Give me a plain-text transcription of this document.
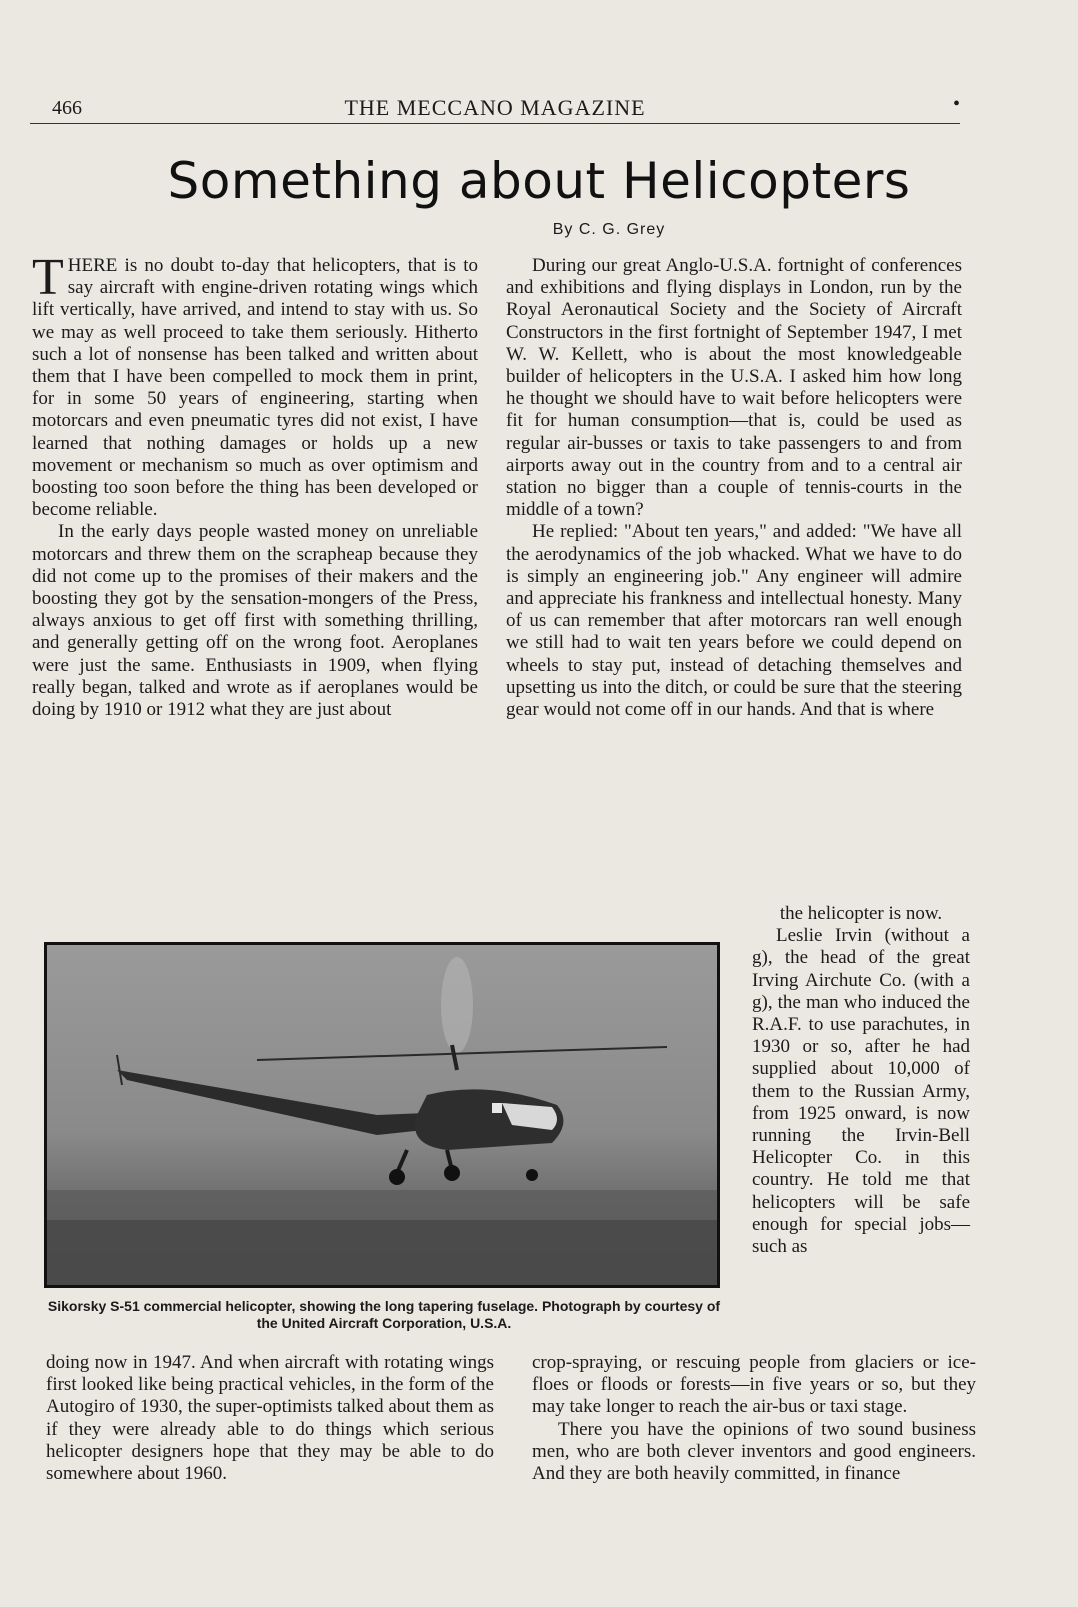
466	THE MECCANO MAGAZINE	•
Something about Helicopters
By C. G. Grey

THERE is no doubt to-day that helicopters, that is to say aircraft with engine-driven rotating wings which lift vertically, have arrived, and intend to stay with us. So we may as well proceed to take them seriously. Hitherto such a lot of nonsense has been talked and written about them that I have been compelled to mock them in print, for in some 50 years of engineering, starting when motorcars and even pneumatic tyres did not exist, I have learned that nothing damages or holds up a new movement or mechanism so much as over optimism and boosting too soon before the thing has been developed or become reliable.

In the early days people wasted money on unreliable motorcars and threw them on the scrapheap because they did not come up to the promises of their makers and the boosting they got by the sensation-mongers of the Press, always anxious to get off first with something thrilling, and generally getting off on the wrong foot. Aeroplanes were just the same. Enthusiasts in 1909, when flying really began, talked and wrote as if aeroplanes would be doing by 1910 or 1912 what they are just about

During our great Anglo-U.S.A. fortnight of conferences and exhibitions and flying displays in London, run by the Royal Aeronautical Society and the Society of Aircraft Constructors in the first fortnight of September 1947, I met W. W. Kellett, who is about the most knowledgeable builder of helicopters in the U.S.A. I asked him how long he thought we should have to wait before helicopters were fit for human consumption—that is, could be used as regular air-busses or taxis to take passengers to and from airports away out in the country from and to a central air station no bigger than a couple of tennis-courts in the middle of a town?

He replied: "About ten years," and added: "We have all the aerodynamics of the job whacked. What we have to do is simply an engineering job." Any engineer will admire and appreciate his frankness and intellectual honesty. Many of us can remember that after motorcars ran well enough we still had to wait ten years before we could depend on wheels to stay put, instead of detaching themselves and upsetting us into the ditch, or could be sure that the steering gear would not come off in our hands. And that is where

the helicopter is now.

Leslie Irvin (without a g), the head of the great Irving Airchute Co. (with a g), the man who induced the R.A.F. to use parachutes, in 1930 or so, after he had supplied about 10,000 of them to the Russian Army, from 1925 onward, is now running the Irvin-Bell Helicopter Co. in this country. He told me that helicopters will be safe enough for special jobs—such as

Sikorsky S-51 commercial helicopter, showing the long tapering fuselage. Photograph by courtesy of the United Aircraft Corporation, U.S.A.

doing now in 1947. And when aircraft with rotating wings first looked like being practical vehicles, in the form of the Autogiro of 1930, the super-optimists talked about them as if they were already able to do things which serious helicopter designers hope that they may be able to do somewhere about 1960.

crop-spraying, or rescuing people from glaciers or ice-floes or floods or forests—in five years or so, but they may take longer to reach the air-bus or taxi stage.

There you have the opinions of two sound business men, who are both clever inventors and good engineers. And they are both heavily committed, in finance
